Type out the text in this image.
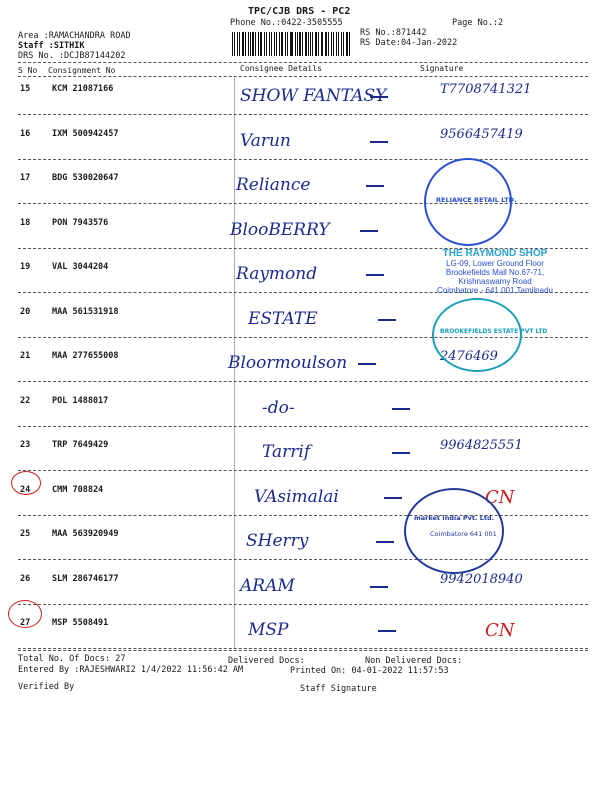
TPC/CJB DRS - PC2
Phone No.:0422-3505555	Page No.:2
Area :RAMACHANDRA ROAD
Staff :SITHIK
DRS No. :DCJB87144202
RS No.:871442
RS Date:04-Jan-2022
S No Consignment No	Consignee Details	Signature
15	KCM 21087166	SHOW FANTASY	T7708741321
16	IXM 500942457	Varun	9566457419
17	BDG 530020647	Reliance
18	PON 7943576	BlooBERRY
19	VAL 3044204	Raymond
20	MAA 561531918	ESTATE
21	MAA 277655008	Bloormoulson	2476469
22	POL 1488017	-do-
23	TRP 7649429	Tarrif	9964825551
24	CMM 708824	VAsimalai	CN
25	MAA 563920949	SHerry
26	SLM 286746177	ARAM	9942018940
27	MSP 5508491	MSP	CN
RELIANCE RETAIL LTD.
THE RAYMOND SHOP
LG-09, Lower Ground Floor
Brookefields Mall No.67-71,
Krishnaswamy Road
Coimbatore - 641 001 Tamilnadu
BROOKEFIELDS ESTATE PVT LTD
market India Pvt. Ltd.
Coimbatore 641 001
Total No. Of Docs: 27	Delivered Docs:	Non Delivered Docs:
Entered By :RAJESHWARI2 1/4/2022 11:56:42 AM	Printed On: 04-01-2022 11:57:53
Verified By	Staff Signature
